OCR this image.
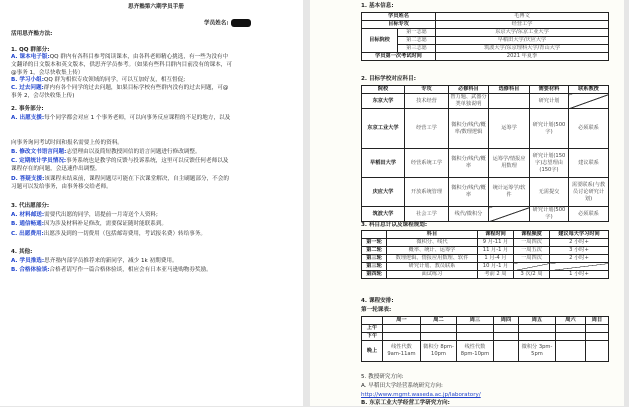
思齐塾第六期学员手册
学员姓名:
活用思齐塾方法:
1. QQ 群部分:
A. 课本电子版:QQ 群内有各科目参考阅读课本，由各科老师精心挑选，有一些为没有中
文翻译的日文版本和英文版本，供思齐学员参考。（如果有些科目群内目前没有的课本，可
@事务 1，会尽快收集上传）
B. 学习小组:QQ 群为相似专攻领域的同学，可以互加好友，相互督促;
C. 过去问题:群内有各个同学的过去问题，如果目标学校有些群内没有的过去问题，可@
事务 2，会尽快收集上传)
2. 事务部分:
A. 出愿支援:每个同学都会对应 1 个事务老师，可以向事务反应课程的不足的地方，以及
向事务询问考试时间和报名需要上传的资料。
B. 修改文书语言问题:志望理由以及简短教授回信的语言问题进行修改调整。
C. 定期统计学员情况:事务系统也是教学的反馈与投诉系统，这里可以反馈任何老师以及
课程存在的问题，会迅速作出调整。
D. 答疑支援:该课程未结束前，课程问题尽可能在下次课堂解决，自主刷题部分，不会的
习题可以发给事务，由事务移交给老师。
3. 代出愿部分:
A. 材料邮送:需要代出愿的同学，请提前一月寄送个人资料;
B. 通信畅通:因为涉及材料补足修改，需要保证随时能联系到。
C. 出愿费用:出愿涉及到的一切费用（包括邮寄费用，考试报名费）转给事务。
4. 其他:
A. 学员推选:思齐塾内部学员推荐来的新同学，减少 1k 初期费用。
B. 合格体验谈:合格者请写作一篇合格体验谈，相应会有日本亚马逊购物券奖励。
1. 基本信息:
学员姓名		毛博文
目标专攻		经营工学
目标院校	第一志愿	东京大学/东京工业大学
	第二志愿	早稻田大学/庆应大学
	第三志愿	筑波大学/东京理科大学/青山大学
学员第一次考试时间		2021 年夏季
2. 目标学校对应科目:
院校	专攻	必修科目	选修科目	需要材料	联系教授
东京大学	技术经营	智力题、武器分类单独说明		研究计划	
东京工业大学	经营工学	微积分/线代/概率/数理逻辑	运筹学	研究计划(500字)	必须联系
早稻田大学	经营系统工学	微积分/线代/概率	运筹学/情报应用数理	研究计划(150字)志望理由(150字)	建议联系
庆应大学	开放系统管理	微积分/线代/概率	统计运筹学/软件	无需提交	需要联系(与教员讨论研究计划)
筑波大学	社会工学	线代/微积分		研究计划(500字)	必须联系
3. 科目总计以及课程规划:
	科目	课程时间	课程频度	建议每天学习时间
第一轮	微积分、线代	9 月-11 月	一周四次	2 小时+
第二轮	概率、统计、运筹学	11 月-1 月	一周五次	3 小时+
第三轮	数理逻辑、情报应用数理、软件	1 月-4 月	一周四次	2 小时+
第三轮	研究计划、教员联系	10 月-1 月		
第四轮	面试练习	考前 2 周	3 次/2 周	1 小时+
4. 课程安排:
第一轮课表:
	周一	周二	周三	周四	周五	周六	周日
上午							
下午							
晚上	线性代数 9am-11am	微积分 8pm-10pm	线性代数 8pm-10pm		微积分 3pm-5pm		
5. 教授研究方向:
A. 早稻田大学经营系统研究方向:
http://www.mgmt.waseda.ac.jp/laboratory/
B. 东京工业大学经营工学研究方向:
